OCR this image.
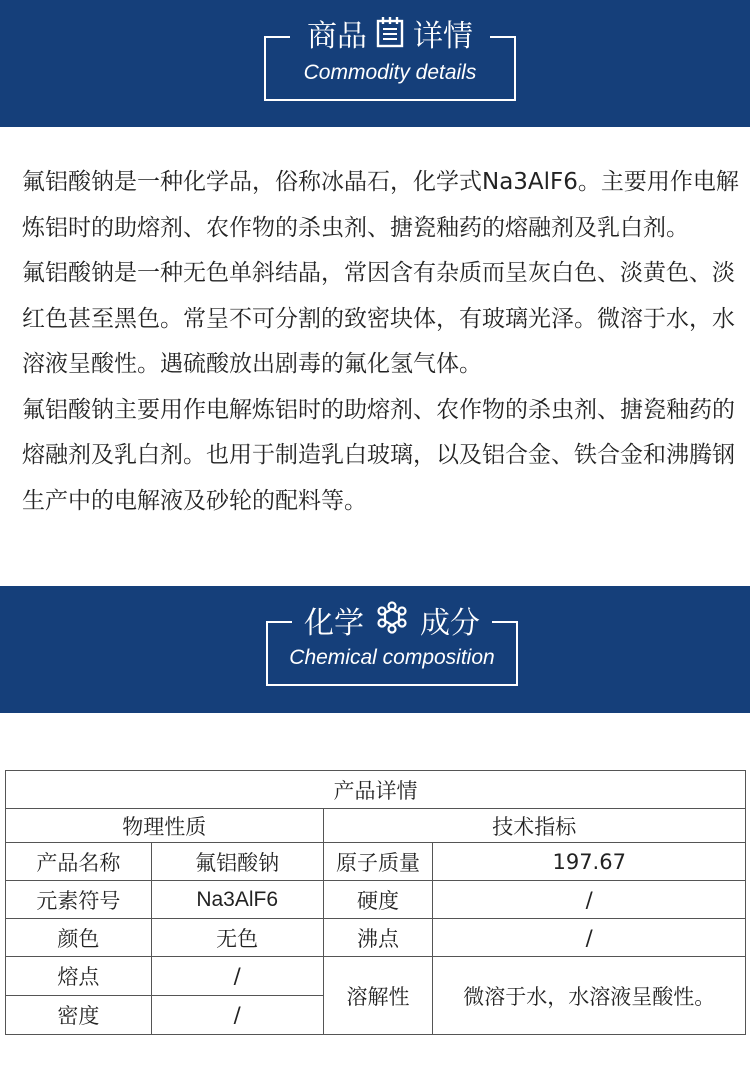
商品 详情
Commodity details

氟铝酸钠是一种化学品，俗称冰晶石，化学式Na3AlF6。主要用作电解炼铝时的助熔剂、农作物的杀虫剂、搪瓷釉药的熔融剂及乳白剂。

氟铝酸钠是一种无色单斜结晶，常因含有杂质而呈灰白色、淡黄色、淡红色甚至黑色。常呈不可分割的致密块体，有玻璃光泽。微溶于水，水溶液呈酸性。遇硫酸放出剧毒的氟化氢气体。

氟铝酸钠主要用作电解炼铝时的助熔剂、农作物的杀虫剂、搪瓷釉药的熔融剂及乳白剂。也用于制造乳白玻璃，以及铝合金、铁合金和沸腾钢生产中的电解液及砂轮的配料等。

化学 成分
Chemical composition
产品详情			
物理性质		技术指标	
产品名称	氟铝酸钠	原子质量	197.67
元素符号	Na3AlF6	硬度	/
颜色	无色	沸点	/
熔点	/	溶解性	微溶于水，水溶液呈酸性。
密度	/		
